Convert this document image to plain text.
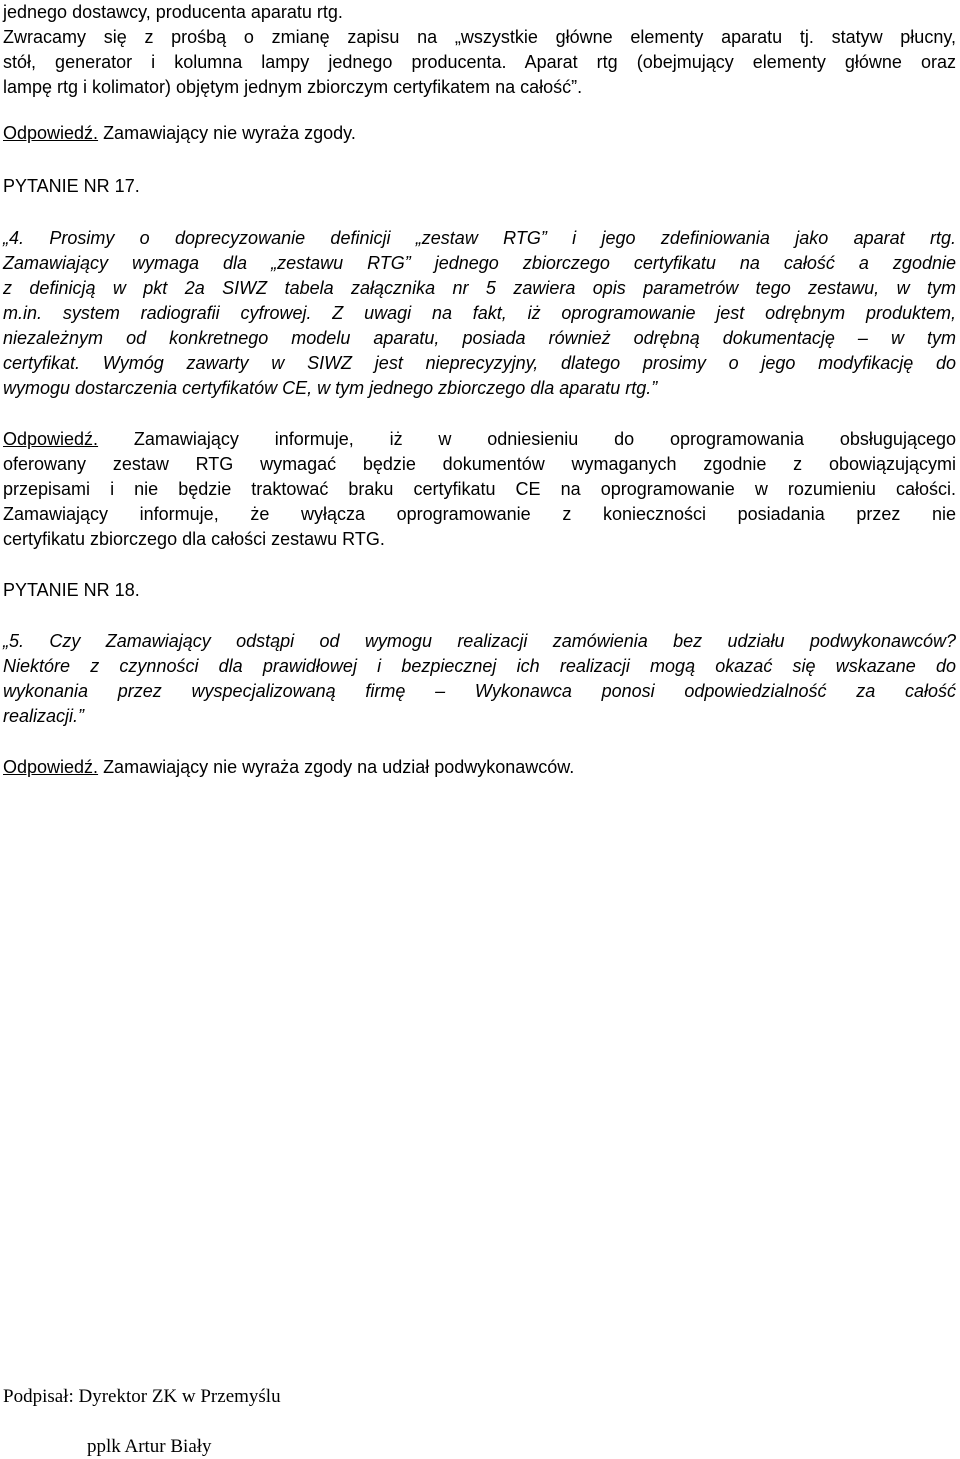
jednego dostawcy, producenta aparatu rtg.
Zwracamy się z prośbą o zmianę zapisu na „wszystkie główne elementy aparatu tj. statyw płucny,
stół, generator i kolumna lampy jednego producenta. Aparat rtg (obejmujący elementy główne oraz
lampę rtg i kolimator) objętym jednym zbiorczym certyfikatem na całość”.
Odpowiedź. Zamawiający nie wyraża zgody.
PYTANIE NR 17.
„4. Prosimy o doprecyzowanie definicji „zestaw RTG” i jego zdefiniowania jako aparat rtg.
Zamawiający wymaga dla „zestawu RTG” jednego zbiorczego certyfikatu na całość a zgodnie
z definicją w pkt 2a SIWZ tabela załącznika nr 5 zawiera opis parametrów tego zestawu, w tym
m.in. system radiografii cyfrowej. Z uwagi na fakt, iż oprogramowanie jest odrębnym produktem,
niezależnym od konkretnego modelu aparatu, posiada również odrębną dokumentację – w tym
certyfikat. Wymóg zawarty w SIWZ jest nieprecyzyjny, dlatego prosimy o jego modyfikację do
wymogu dostarczenia certyfikatów CE, w tym jednego zbiorczego dla aparatu rtg.”
Odpowiedź. Zamawiający informuje, iż w odniesieniu do oprogramowania obsługującego
oferowany zestaw RTG wymagać będzie dokumentów wymaganych zgodnie z obowiązującymi
przepisami i nie będzie traktować braku certyfikatu CE na oprogramowanie w rozumieniu całości.
Zamawiający informuje, że wyłącza oprogramowanie z konieczności posiadania przez nie
certyfikatu zbiorczego dla całości zestawu RTG.
PYTANIE NR 18.
„5. Czy Zamawiający odstąpi od wymogu realizacji zamówienia bez udziału podwykonawców?
Niektóre z czynności dla prawidłowej i bezpiecznej ich realizacji mogą okazać się wskazane do
wykonania przez wyspecjalizowaną firmę – Wykonawca ponosi odpowiedzialność za całość
realizacji.”
Odpowiedź. Zamawiający nie wyraża zgody na udział podwykonawców.
Podpisał: Dyrektor ZK w Przemyślu
pplk Artur Biały
